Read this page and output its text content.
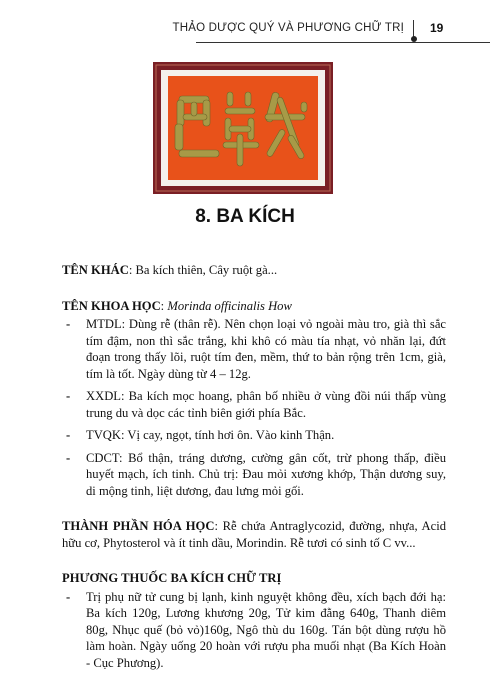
THẢO DƯỢC QUÝ VÀ PHƯƠNG CHỮ TRỊ 19
8. BA KÍCH

TÊN KHÁC: Ba kích thiên, Cây ruột gà...

TÊN KHOA HỌC: Morinda officinalis How
- MTDL: Dùng rễ (thân rễ). Nên chọn loại vỏ ngoài màu tro, già thì sắc tím đậm, non thì sắc trắng, khi khô có màu tía nhạt, vỏ nhăn lại, đứt đoạn trong thấy lõi, ruột tím đen, mềm, thứ to bản rộng trên 1cm, già, tím là tốt. Ngày dùng từ 4 – 12g.
- XXDL: Ba kích mọc hoang, phân bố nhiều ở vùng đồi núi thấp vùng trung du và dọc các tỉnh biên giới phía Bắc.
- TVQK: Vị cay, ngọt, tính hơi ôn. Vào kinh Thận.
- CDCT: Bổ thận, tráng dương, cường gân cốt, trừ phong thấp, điều huyết mạch, ích tinh. Chủ trị: Đau mỏi xương khớp, Thận dương suy, di mộng tinh, liệt dương, đau lưng mỏi gối.

THÀNH PHẦN HÓA HỌC: Rễ chứa Antraglycozid, đường, nhựa, Acid hữu cơ, Phytosterol và ít tinh dầu, Morindin. Rễ tươi có sinh tố C vv...

PHƯƠNG THUỐC BA KÍCH CHỮ TRỊ
- Trị phụ nữ tử cung bị lạnh, kinh nguyệt không đều, xích bạch đới hạ: Ba kích 120g, Lương khương 20g, Tử kim đằng 640g, Thanh diêm 80g, Nhục quế (bỏ vỏ)160g, Ngô thù du 160g. Tán bột dùng rượu hồ làm hoàn. Ngày uống 20 hoàn với rượu pha muối nhạt (Ba Kích Hoàn - Cục Phương).
